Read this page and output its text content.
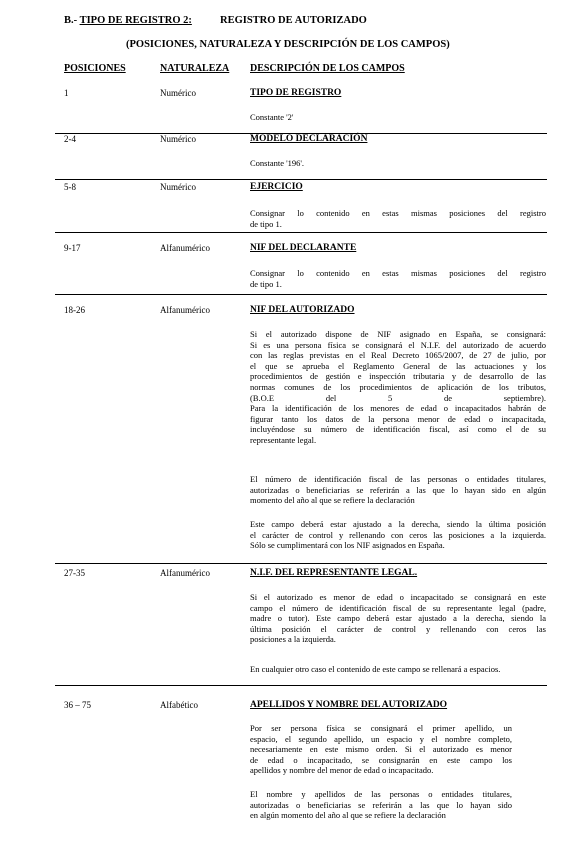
B.- TIPO DE REGISTRO 2:	REGISTRO DE AUTORIZADO
(POSICIONES, NATURALEZA Y DESCRIPCIÓN DE LOS CAMPOS)
POSICIONES	NATURALEZA DESCRIPCIÓN DE LOS CAMPOS
1	Numérico	TIPO DE REGISTRO
Constante '2'
2-4	Numérico	MODELO DECLARACIÓN
Constante '196'.
5-8	Numérico	EJERCICIO
Consignar lo contenido en estas mismas posiciones del registro
de tipo 1.
9-17	Alfanumérico	NIF DEL DECLARANTE
Consignar lo contenido en estas mismas posiciones del registro
de tipo 1.
18-26	Alfanumérico	NIF DEL AUTORIZADO
Si el autorizado dispone de NIF asignado en España, se consignará:
Si es una persona física se consignará el N.I.F. del autorizado de acuerdo
con las reglas previstas en el Real Decreto 1065/2007, de 27 de julio, por
el que se aprueba el Reglamento General de las actuaciones y los
procedimientos de gestión e inspección tributaria y de desarrollo de las
normas comunes de los procedimientos de aplicación de los tributos,
(B.O.E del 5 de septiembre).
Para la identificación de los menores de edad o incapacitados habrán de
figurar tanto los datos de la persona menor de edad o incapacitada,
incluyéndose su número de identificación fiscal, así como el de su
representante legal.
El número de identificación fiscal de las personas o entidades titulares,
autorizadas o beneficiarias se referirán a las que lo hayan sido en algún
momento del año al que se refiere la declaración
Este campo deberá estar ajustado a la derecha, siendo la última posición
el carácter de control y rellenando con ceros las posiciones a la izquierda.
Sólo se cumplimentará con los NIF asignados en España.
27-35	Alfanumérico	N.I.F. DEL REPRESENTANTE LEGAL.
Si el autorizado es menor de edad o incapacitado se consignará en este
campo el número de identificación fiscal de su representante legal (padre,
madre o tutor). Este campo deberá estar ajustado a la derecha, siendo la
última posición el carácter de control y rellenando con ceros las
posiciones a la izquierda.
En cualquier otro caso el contenido de este campo se rellenará a espacios.
36 – 75	Alfabético	APELLIDOS Y NOMBRE DEL AUTORIZADO
Por ser persona física se consignará el primer apellido, un
espacio, el segundo apellido, un espacio y el nombre completo,
necesariamente en este mismo orden. Si el autorizado es menor
de edad o incapacitado, se consignarán en este campo los
apellidos y nombre del menor de edad o incapacitado.
El nombre y apellidos de las personas o entidades titulares,
autorizadas o beneficiarias se referirán a las que lo hayan sido
en algún momento del año al que se refiere la declaración
